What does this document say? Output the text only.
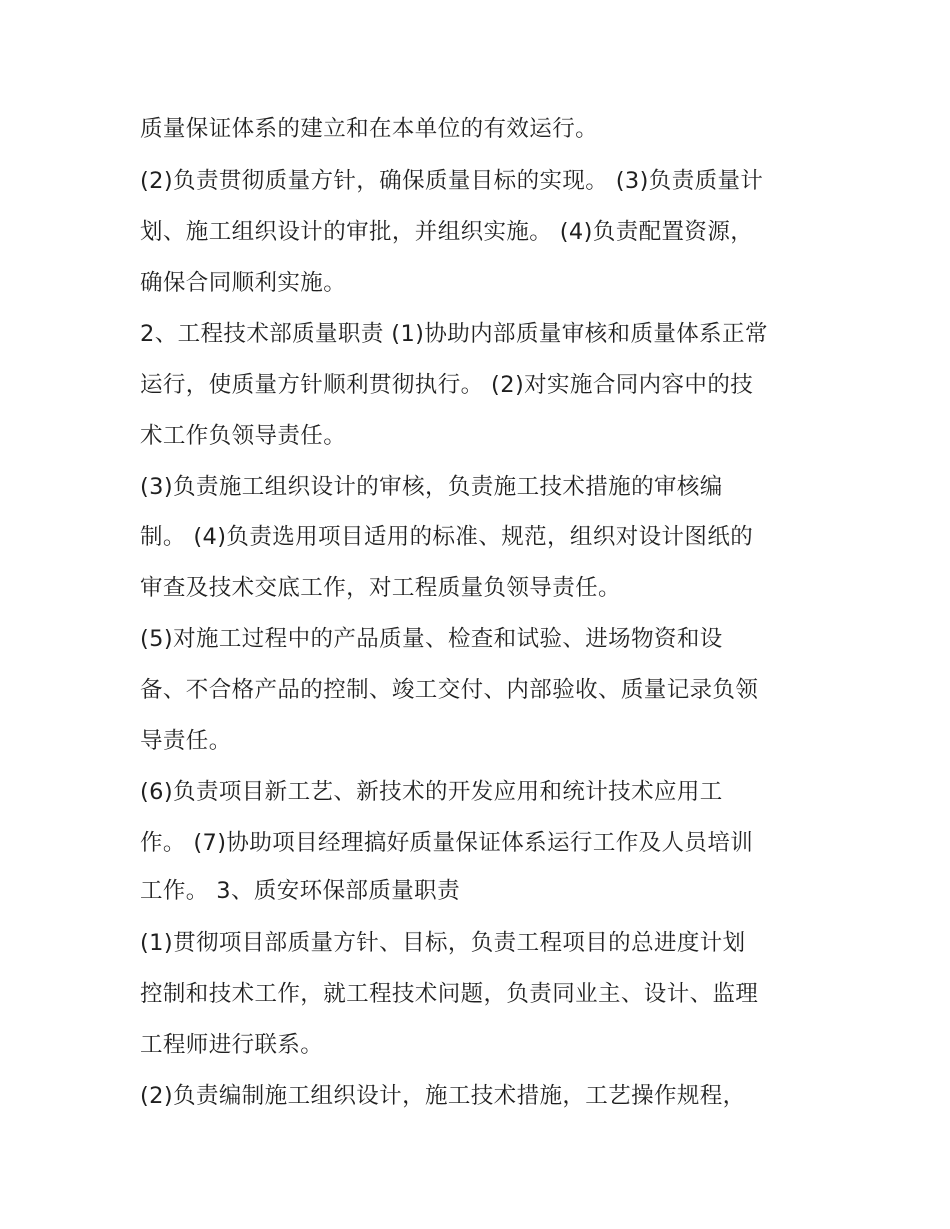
质量保证体系的建立和在本单位的有效运行。
(2)负责贯彻质量方针，确保质量目标的实现。 (3)负责质量计
划、施工组织设计的审批，并组织实施。 (4)负责配置资源，
确保合同顺利实施。
2、工程技术部质量职责 (1)协助内部质量审核和质量体系正常
运行，使质量方针顺利贯彻执行。 (2)对实施合同内容中的技
术工作负领导责任。
(3)负责施工组织设计的审核，负责施工技术措施的审核编
制。 (4)负责选用项目适用的标准、规范，组织对设计图纸的
审查及技术交底工作，对工程质量负领导责任。
(5)对施工过程中的产品质量、检查和试验、进场物资和设
备、不合格产品的控制、竣工交付、内部验收、质量记录负领
导责任。
(6)负责项目新工艺、新技术的开发应用和统计技术应用工
作。 (7)协助项目经理搞好质量保证体系运行工作及人员培训
工作。 3、质安环保部质量职责
(1)贯彻项目部质量方针、目标，负责工程项目的总进度计划
控制和技术工作，就工程技术问题，负责同业主、设计、监理
工程师进行联系。
(2)负责编制施工组织设计，施工技术措施，工艺操作规程，
